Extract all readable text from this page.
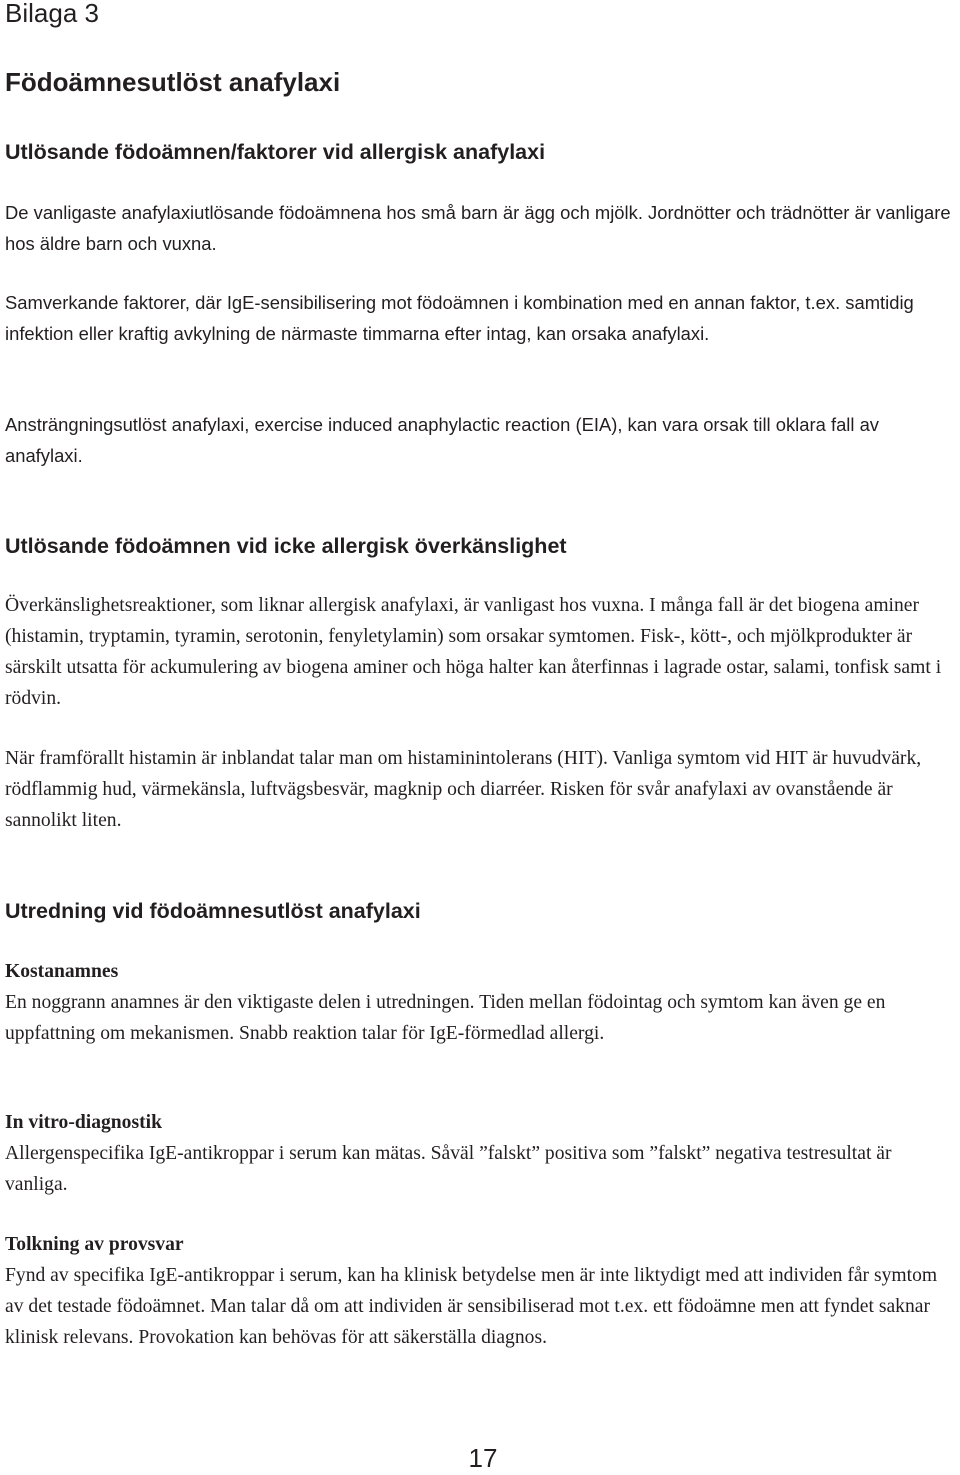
Bilaga 3
Födoämnesutlöst anafylaxi
Utlösande födoämnen/faktorer vid allergisk anafylaxi

De vanligaste anafylaxiutlösande födoämnena hos små barn är ägg och mjölk. Jordnötter och trädnötter är vanligare hos äldre barn och vuxna.

Samverkande faktorer, där IgE-sensibilisering mot födoämnen i kombination med en annan faktor, t.ex. samtidig infektion eller kraftig avkylning de närmaste timmarna efter intag, kan orsaka anafylaxi.

Ansträngningsutlöst anafylaxi, exercise induced anaphylactic reaction (EIA), kan vara orsak till oklara fall av anafylaxi.

Utlösande födoämnen vid icke allergisk överkänslighet

Överkänslighetsreaktioner, som liknar allergisk anafylaxi, är vanligast hos vuxna. I många fall är det biogena aminer (histamin, tryptamin, tyramin, serotonin, fenyletylamin) som orsakar symtomen. Fisk-, kött-, och mjölkprodukter är särskilt utsatta för ackumulering av biogena aminer och höga halter kan återfinnas i lagrade ostar, salami, tonfisk samt i rödvin.

När framförallt histamin är inblandat talar man om histaminintolerans (HIT). Vanliga symtom vid HIT är huvudvärk, rödflammig hud, värmekänsla, luftvägsbesvär, magknip och diarréer. Risken för svår anafylaxi av ovanstående är sannolikt liten.

Utredning vid födoämnesutlöst anafylaxi
Kostanamnes

En noggrann anamnes är den viktigaste delen i utredningen. Tiden mellan födointag och symtom kan även ge en uppfattning om mekanismen. Snabb reaktion talar för IgE-förmedlad allergi.

In vitro-diagnostik

Allergenspecifika IgE-antikroppar i serum kan mätas. Såväl ”falskt” positiva som ”falskt” negativa testresultat är vanliga.

Tolkning av provsvar

Fynd av specifika IgE-antikroppar i serum, kan ha klinisk betydelse men är inte liktydigt med att individen får symtom av det testade födoämnet. Man talar då om att individen är sensibiliserad mot t.ex. ett födoämne men att fyndet saknar klinisk relevans. Provokation kan behövas för att säkerställa diagnos.

17
